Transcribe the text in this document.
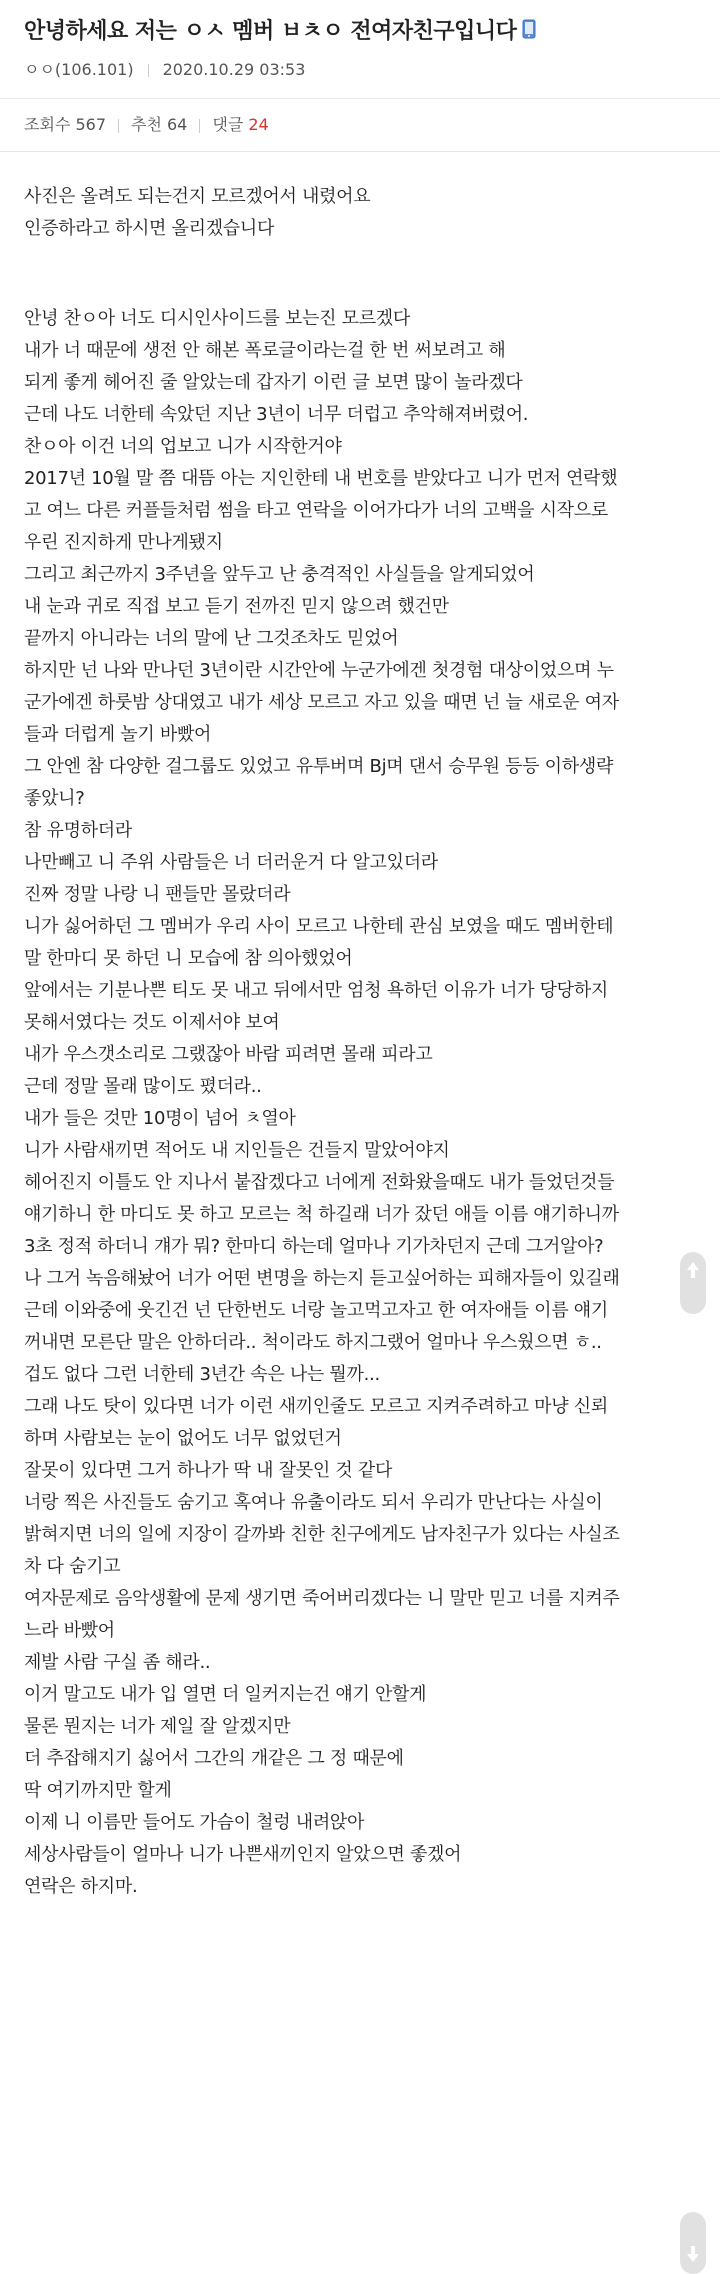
안녕하세요 저는 ㅇㅅ 멤버 ㅂㅊㅇ 전여자친구입니다
ㅇㅇ(106.101) 2020.10.29 03:53
조회수 567 추천 64 댓글 24

사진은 올려도 되는건지 모르겠어서 내렸어요

인증하라고 하시면 올리겠습니다

안녕 찬ㅇ아 너도 디시인사이드를 보는진 모르겠다

내가 너 때문에 생전 안 해본 폭로글이라는걸 한 번 써보려고 해

되게 좋게 헤어진 줄 알았는데 갑자기 이런 글 보면 많이 놀라겠다

근데 나도 너한테 속았던 지난 3년이 너무 더럽고 추악해져버렸어.

찬ㅇ아 이건 너의 업보고 니가 시작한거야

2017년 10월 말 쯤 대뜸 아는 지인한테 내 번호를 받았다고 니가 먼저 연락했

고 여느 다른 커플들처럼 썸을 타고 연락을 이어가다가 너의 고백을 시작으로

우린 진지하게 만나게됐지

그리고 최근까지 3주년을 앞두고 난 충격적인 사실들을 알게되었어

내 눈과 귀로 직접 보고 듣기 전까진 믿지 않으려 했건만

끝까지 아니라는 너의 말에 난 그것조차도 믿었어

하지만 넌 나와 만나던 3년이란 시간안에 누군가에겐 첫경험 대상이었으며 누

군가에겐 하룻밤 상대였고 내가 세상 모르고 자고 있을 때면 넌 늘 새로운 여자

들과 더럽게 놀기 바빴어

그 안엔 참 다양한 걸그룹도 있었고 유투버며 Bj며 댄서 승무원 등등 이하생략

좋았니?

참 유명하더라

나만빼고 니 주위 사람들은 너 더러운거 다 알고있더라

진짜 정말 나랑 니 팬들만 몰랐더라

니가 싫어하던 그 멤버가 우리 사이 모르고 나한테 관심 보였을 때도 멤버한테

말 한마디 못 하던 니 모습에 참 의아했었어

앞에서는 기분나쁜 티도 못 내고 뒤에서만 엄청 욕하던 이유가 너가 당당하지

못해서였다는 것도 이제서야 보여

내가 우스갯소리로 그랬잖아 바람 피려면 몰래 피라고

근데 정말 몰래 많이도 폈더라..

내가 들은 것만 10명이 넘어 ㅊ열아

니가 사람새끼면 적어도 내 지인들은 건들지 말았어야지

헤어진지 이틀도 안 지나서 붙잡겠다고 너에게 전화왔을때도 내가 들었던것들

얘기하니 한 마디도 못 하고 모르는 척 하길래 너가 잤던 애들 이름 얘기하니까

3초 정적 하더니 걔가 뭐? 한마디 하는데 얼마나 기가차던지 근데 그거알아?

나 그거 녹음해놨어 너가 어떤 변명을 하는지 듣고싶어하는 피해자들이 있길래

근데 이와중에 웃긴건 넌 단한번도 너랑 놀고먹고자고 한 여자애들 이름 얘기

꺼내면 모른단 말은 안하더라.. 척이라도 하지그랬어 얼마나 우스웠으면 ㅎ..

겁도 없다 그런 너한테 3년간 속은 나는 뭘까...

그래 나도 탓이 있다면 너가 이런 새끼인줄도 모르고 지켜주려하고 마냥 신뢰

하며 사람보는 눈이 없어도 너무 없었던거

잘못이 있다면 그거 하나가 딱 내 잘못인 것 같다

너랑 찍은 사진들도 숨기고 혹여나 유출이라도 되서 우리가 만난다는 사실이

밝혀지면 너의 일에 지장이 갈까봐 친한 친구에게도 남자친구가 있다는 사실조

차 다 숨기고

여자문제로 음악생활에 문제 생기면 죽어버리겠다는 니 말만 믿고 너를 지켜주

느라 바빴어

제발 사람 구실 좀 해라..

이거 말고도 내가 입 열면 더 일커지는건 얘기 안할게

물론 뭔지는 너가 제일 잘 알겠지만

더 추잡해지기 싫어서 그간의 개같은 그 정 때문에

딱 여기까지만 할게

이제 니 이름만 들어도 가슴이 철렁 내려앉아

세상사람들이 얼마나 니가 나쁜새끼인지 알았으면 좋겠어

연락은 하지마.
